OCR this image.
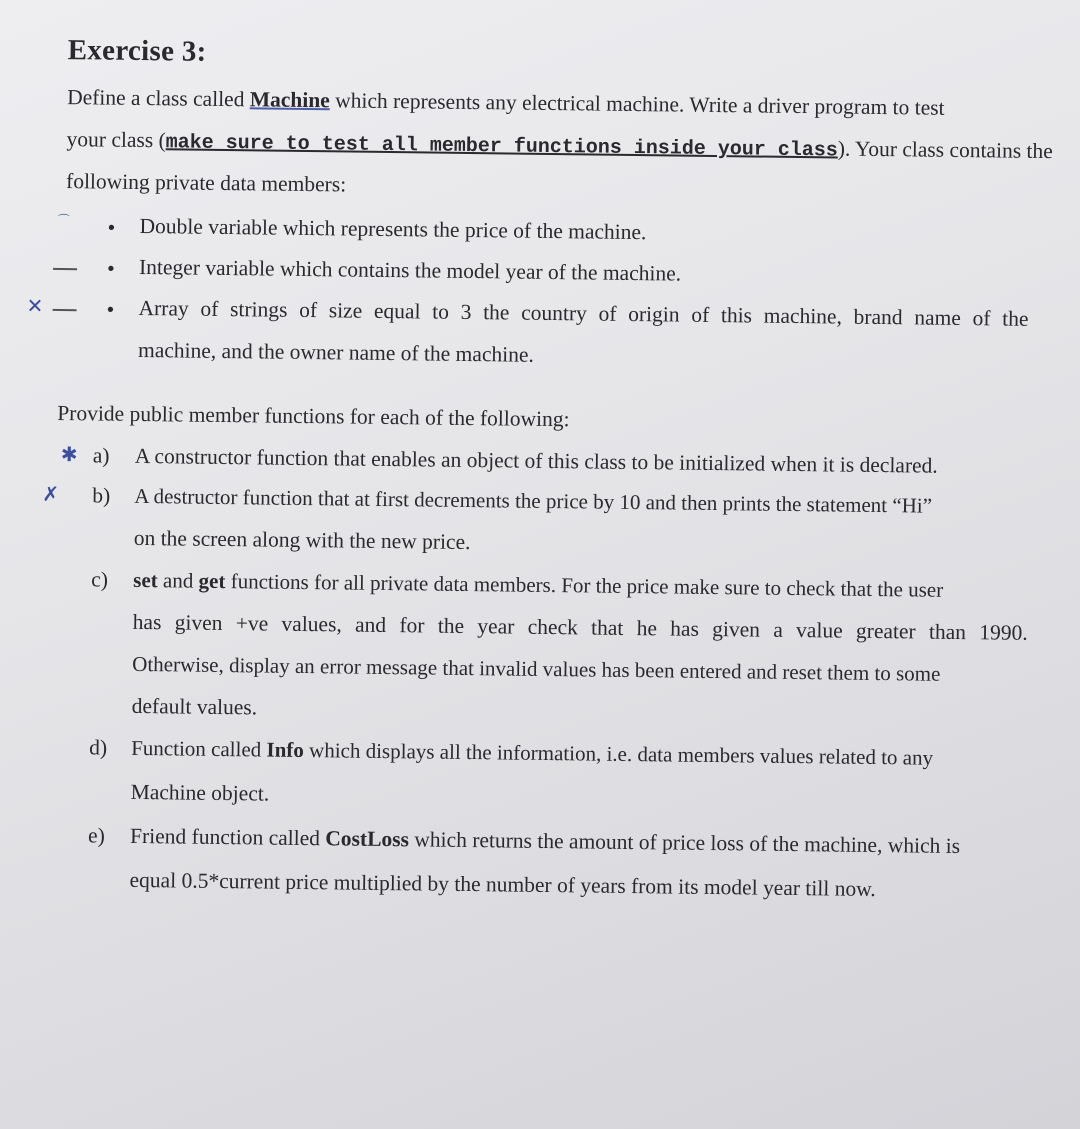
Exercise 3:
Define a class called Machine which represents any electrical machine. Write a driver program to test
your class (make sure to test all member functions inside your class). Your class contains the
following private data members:
⌒ • Double variable which represents the price of the machine.
• Integer variable which contains the model year of the machine.
✕	• Array of strings of size equal to 3 the country of origin of this machine, brand name of the
machine, and the owner name of the machine.
Provide public member functions for each of the following:
✱ a) A constructor function that enables an object of this class to be initialized when it is declared.
✗ b) A destructor function that at first decrements the price by 10 and then prints the statement “Hi”
on the screen along with the new price.
c) set and get functions for all private data members. For the price make sure to check that the user
has given +ve values, and for the year check that he has given a value greater than 1990.
Otherwise, display an error message that invalid values has been entered and reset them to some
default values.
d) Function called Info which displays all the information, i.e. data members values related to any
Machine object.
e) Friend function called CostLoss which returns the amount of price loss of the machine, which is
equal 0.5*current price multiplied by the number of years from its model year till now.
